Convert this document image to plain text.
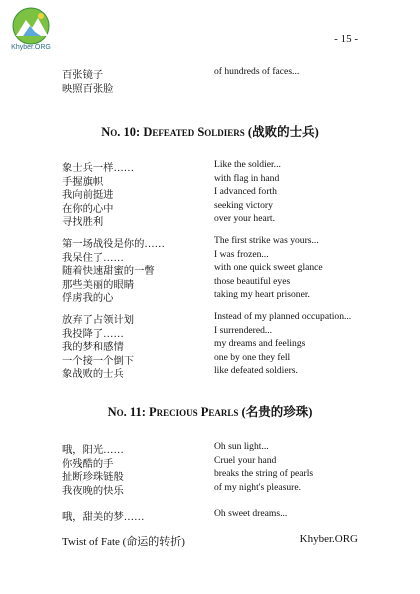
Khyber.ORG
- 15 -
百张镜子	of hundreds of faces...
映照百张脸
No. 10: Defeated Soldiers (战败的士兵)
象士兵一样……	Like the soldier...
手握旗帜	with flag in hand
我向前挺进	I advanced forth
在你的心中	seeking victory
寻找胜利	over your heart.
第一场战役是你的……	The first strike was yours...
我呆住了……	I was frozen...
随着快速甜蜜的一瞥	with one quick sweet glance
那些美丽的眼睛	those beautiful eyes
俘虏我的心	taking my heart prisoner.
放弃了占领计划	Instead of my planned occupation...
我投降了……	I surrendered...
我的梦和感情	my dreams and feelings
一个接一个倒下	one by one they fell
象战败的士兵	like defeated soldiers.
No. 11: Precious Pearls (名贵的珍珠)
哦，阳光……	Oh sun light...
你残酷的手	Cruel your hand
扯断珍珠链般	breaks the string of pearls
我夜晚的快乐	of my night's pleasure.
哦，甜美的梦……	Oh sweet dreams...
Twist of Fate (命运的转折)	Khyber.ORG
